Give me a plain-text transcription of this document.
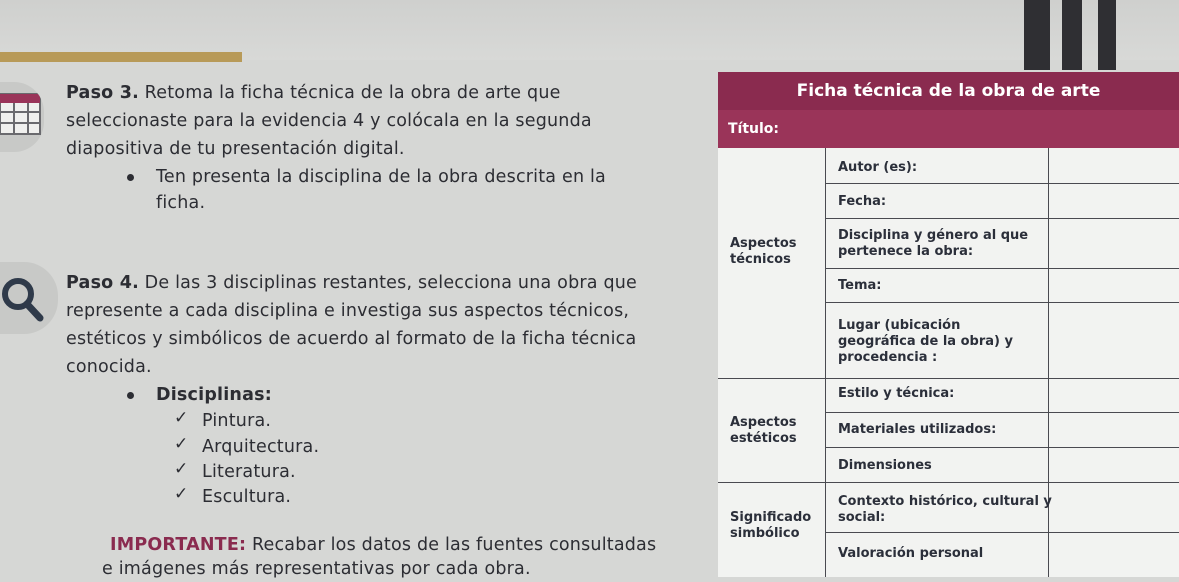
Paso 3. Retoma la ficha técnica de la obra de arte que
seleccionaste para la evidencia 4 y colócala en la segunda
diapositiva de tu presentación digital.
Ten presenta la disciplina de la obra descrita en la
ficha.
Paso 4. De las 3 disciplinas restantes, selecciona una obra que
represente a cada disciplina e investiga sus aspectos técnicos,
estéticos y simbólicos de acuerdo al formato de la ficha técnica
conocida.
Disciplinas:
✓ Pintura.
✓ Arquitectura.
✓ Literatura.
✓ Escultura.
IMPORTANTE: Recabar los datos de las fuentes consultadas
e imágenes más representativas por cada obra.
Ficha técnica de la obra de arte
Título:
Aspectos
técnicos
Aspectos
estéticos
Significado
simbólico
Autor (es):
Fecha:
Disciplina y género al que
pertenece la obra:
Tema:
Lugar (ubicación
geográfica de la obra) y
procedencia :
Estilo y técnica:
Materiales utilizados:
Dimensiones
Contexto histórico, cultural y
social:
Valoración personal
